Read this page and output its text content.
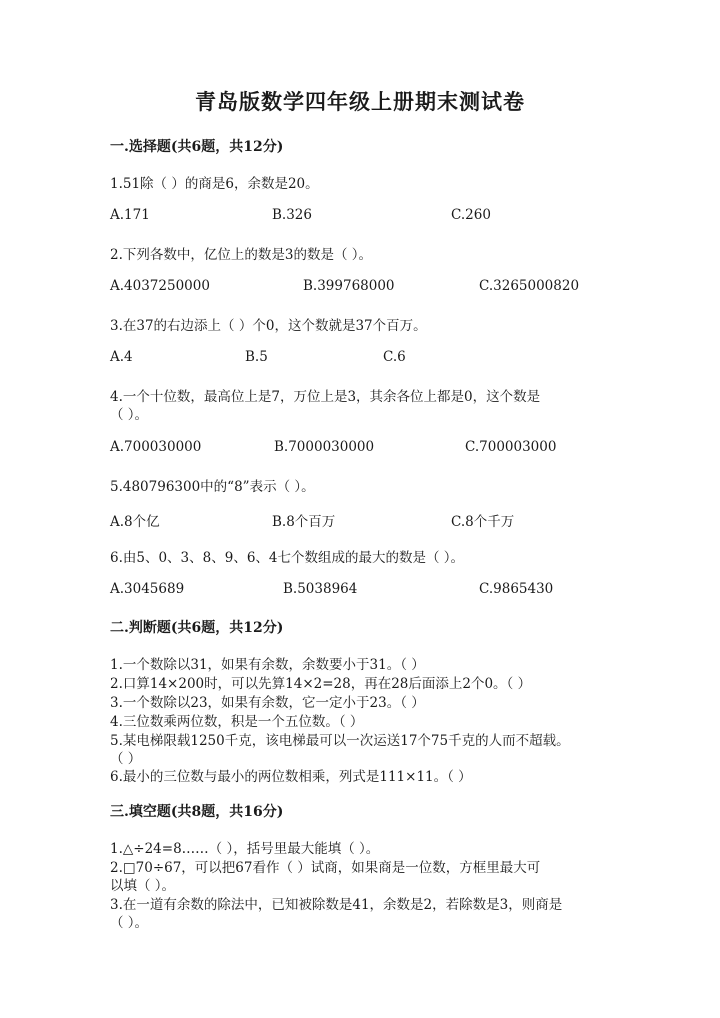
青岛版数学四年级上册期末测试卷
一.选择题(共6题，共12分)
1.51除（ ）的商是6，余数是20。
A.171	B.326	C.260
2.下列各数中，亿位上的数是3的数是（ ）。
A.4037250000	B.399768000	C.3265000820
3.在37的右边添上（ ）个0，这个数就是37个百万。
A.4	B.5	C.6
4.一个十位数，最高位上是7，万位上是3，其余各位上都是0，这个数是
（ ）。
A.700030000	B.7000030000	C.700003000
5.480796300中的“8”表示（ ）。
A.8个亿	B.8个百万	C.8个千万
6.由5、0、3、8、9、6、4七个数组成的最大的数是（ ）。
A.3045689	B.5038964	C.9865430
二.判断题(共6题，共12分)
1.一个数除以31，如果有余数，余数要小于31。（ ）
2.口算14×200时，可以先算14×2=28，再在28后面添上2个0。（ ）
3.一个数除以23，如果有余数，它一定小于23。（ ）
4.三位数乘两位数，积是一个五位数。（ ）
5.某电梯限载1250千克，该电梯最可以一次运送17个75千克的人而不超载。
（ ）
6.最小的三位数与最小的两位数相乘，列式是111×11。（ ）
三.填空题(共8题，共16分)
1.△÷24=8……（ ），括号里最大能填（ ）。
2.□70÷67，可以把67看作（ ）试商，如果商是一位数，方框里最大可
以填（ ）。
3.在一道有余数的除法中，已知被除数是41，余数是2，若除数是3，则商是
（ ）。
